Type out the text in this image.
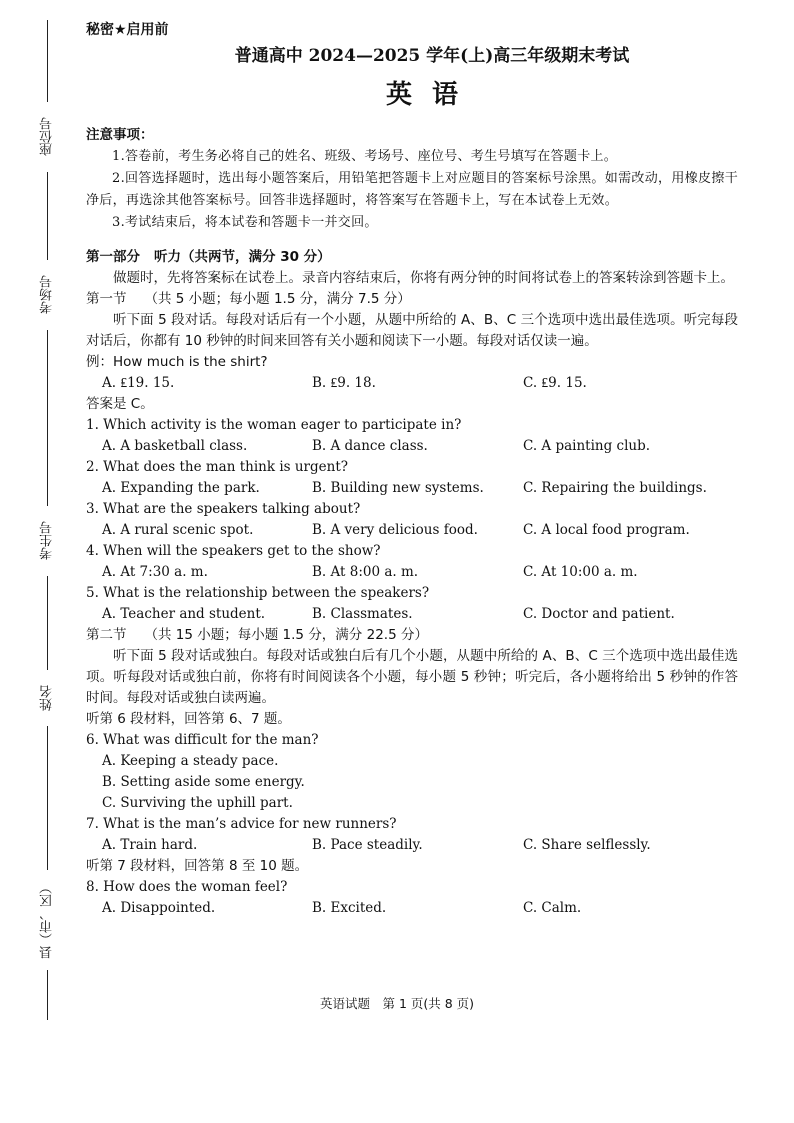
座位号
考场号
考生号
姓名
县（市、区）
秘密★启用前
普通高中 2024—2025 学年(上)高三年级期末考试
英语
注意事项：
1.答卷前，考生务必将自己的姓名、班级、考场号、座位号、考生号填写在答题卡上。
2.回答选择题时，选出每小题答案后，用铅笔把答题卡上对应题目的答案标号涂黑。如需改动，用橡皮擦干净后，再选涂其他答案标号。回答非选择题时，将答案写在答题卡上，写在本试卷上无效。
3.考试结束后，将本试卷和答题卡一并交回。
第一部分 听力（共两节，满分 30 分）
做题时，先将答案标在试卷上。录音内容结束后，你将有两分钟的时间将试卷上的答案转涂到答题卡上。
第一节 （共 5 小题；每小题 1.5 分，满分 7.5 分）
听下面 5 段对话。每段对话后有一个小题，从题中所给的 A、B、C 三个选项中选出最佳选项。听完每段对话后，你都有 10 秒钟的时间来回答有关小题和阅读下一小题。每段对话仅读一遍。
例：How much is the shirt?
A. ₤19. 15.	B. ₤9. 18.	C. ₤9. 15.
答案是 C。
1. Which activity is the woman eager to participate in?
A. A basketball class.	B. A dance class.	C. A painting club.
2. What does the man think is urgent?
A. Expanding the park.	B. Building new systems.	C. Repairing the buildings.
3. What are the speakers talking about?
A. A rural scenic spot.	B. A very delicious food.	C. A local food program.
4. When will the speakers get to the show?
A. At 7:30 a. m.	B. At 8:00 a. m.	C. At 10:00 a. m.
5. What is the relationship between the speakers?
A. Teacher and student.	B. Classmates.	C. Doctor and patient.
第二节 （共 15 小题；每小题 1.5 分，满分 22.5 分）
听下面 5 段对话或独白。每段对话或独白后有几个小题，从题中所给的 A、B、C 三个选项中选出最佳选项。听每段对话或独白前，你将有时间阅读各个小题，每小题 5 秒钟；听完后，各小题将给出 5 秒钟的作答时间。每段对话或独白读两遍。
听第 6 段材料，回答第 6、7 题。
6. What was difficult for the man?
A. Keeping a steady pace.
B. Setting aside some energy.
C. Surviving the uphill part.
7. What is the man’s advice for new runners?
A. Train hard.	B. Pace steadily.	C. Share selflessly.
听第 7 段材料，回答第 8 至 10 题。
8. How does the woman feel?
A. Disappointed.	B. Excited.	C. Calm.
英语试题　第 1 页(共 8 页)
